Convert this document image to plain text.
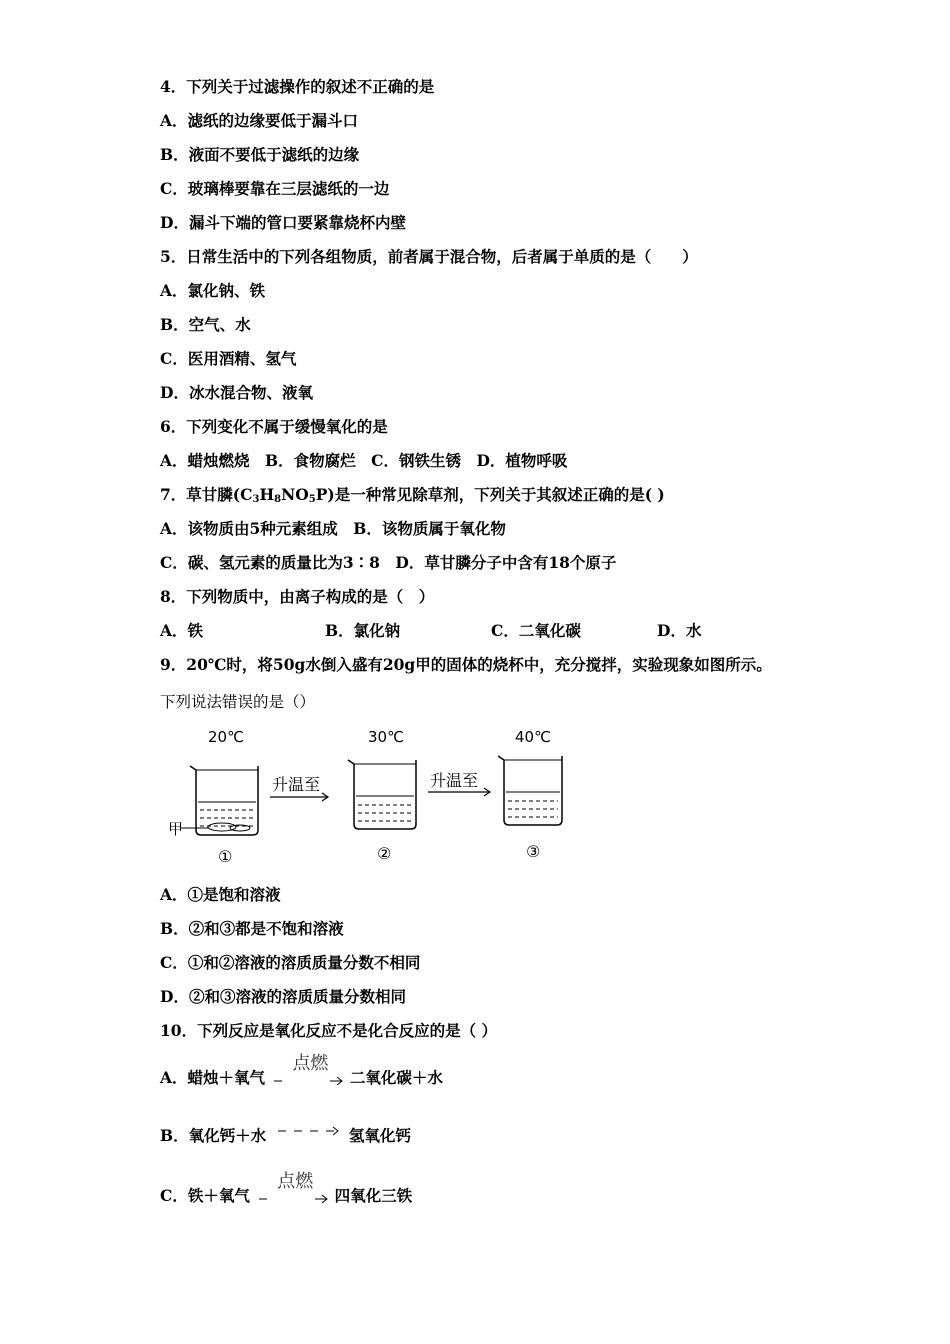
4．下列关于过滤操作的叙述不正确的是
A．滤纸的边缘要低于漏斗口
B．液面不要低于滤纸的边缘
C．玻璃棒要靠在三层滤纸的一边
D．漏斗下端的管口要紧靠烧杯内壁
5．日常生活中的下列各组物质，前者属于混合物，后者属于单质的是（　　）
A．氯化钠、铁
B．空气、水
C．医用酒精、氢气
D．冰水混合物、液氧
6．下列变化不属于缓慢氧化的是
A．蜡烛燃烧　B．食物腐烂　C．钢铁生锈　D．植物呼吸
7．草甘膦$(C_3H_8NO_5P)$是一种常见除草剂，下列关于其叙述正确的是( )
A．该物质由5种元素组成　B．该物质属于氧化物
C．碳、氢元素的质量比为3∶8　D．草甘膦分子中含有18个原子
8．下列物质中，由离子构成的是（　）
A．铁	B．氯化钠	C．二氧化碳	D．水
9．20℃时，将50g水倒入盛有20g甲的固体的烧杯中，充分搅拌，实验现象如图所示。
下列说法错误的是（）
20℃	30℃	40℃
升温至	升温至
甲
①	②	③
A．①是饱和溶液
B．②和③都是不饱和溶液
C．①和②溶液的溶质质量分数不相同
D．②和③溶液的溶质质量分数相同
10．下列反应是氧化反应不是化合反应的是（ ）
A．蜡烛＋氧气
点燃
二氧化碳＋水
B．氧化钙＋水	氢氧化钙
C．铁＋氧气
点燃
四氧化三铁
